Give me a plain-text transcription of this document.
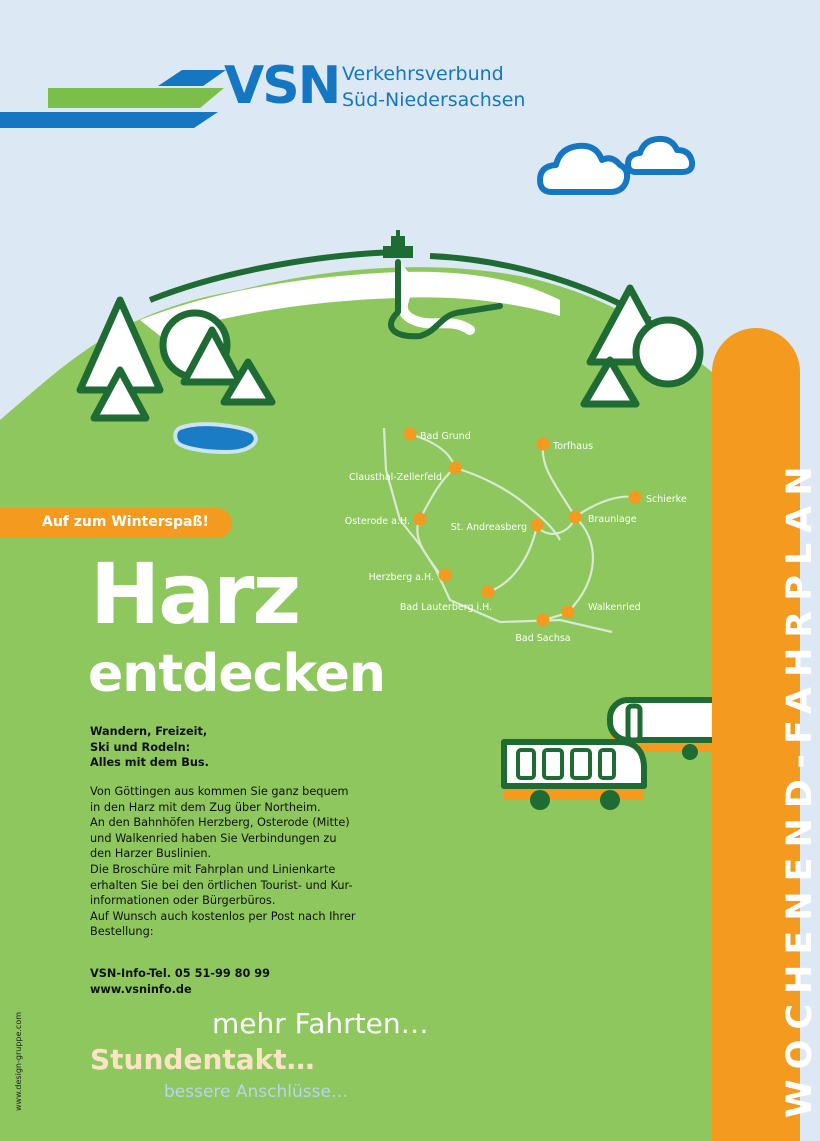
Bad Grund
Torfhaus
Clausthal-Zellerfeld
Schierke
Osterode a.H.
St. Andreasberg
Braunlage
Herzberg a.H.
Bad Lauterberg i.H.	Walkenried
Bad Sachsa
VSN Verkehrsverbund
Süd-Niedersachsen
Auf zum Winterspaß!
Harz
entdecken
Wandern, Freizeit,
Ski und Rodeln:
Alles mit dem Bus.
Von Göttingen aus kommen Sie ganz bequem
in den Harz mit dem Zug über Northeim.
An den Bahnhöfen Herzberg, Osterode (Mitte)
und Walkenried haben Sie Verbindungen zu
den Harzer Buslinien.
Die Broschüre mit Fahrplan und Linienkarte
erhalten Sie bei den örtlichen Tourist- und Kur-
informationen oder Bürgerbüros.
Auf Wunsch auch kostenlos per Post nach Ihrer
Bestellung:
VSN-Info-Tel. 05 51-99 80 99
www.vsninfo.de
mehr Fahrten…
Stundentakt…
bessere Anschlüsse…
www.design-gruppe.com	WOCHENEND-FAHRPLAN
